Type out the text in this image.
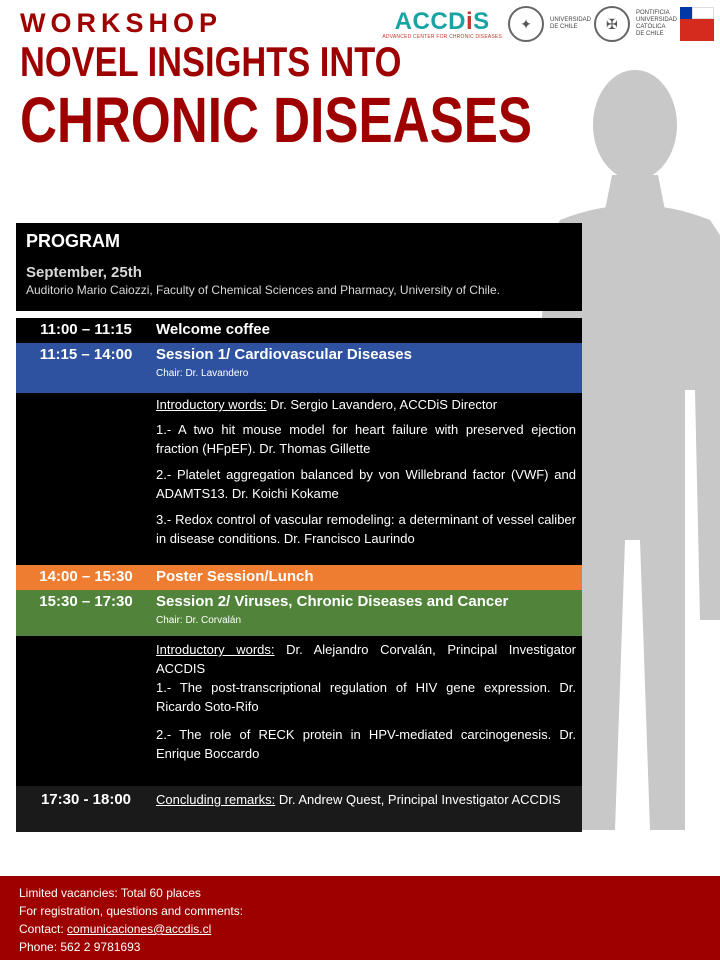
WORKSHOP
NOVEL INSIGHTS INTO
CHRONIC DISEASES
ACCDiS
ADVANCED CENTER FOR CHRONIC DISEASES
✦	UNIVERSIDAD DE CHILE	✠
PONTIFICIA UNIVERSIDAD CATÓLICA DE CHILE
PROGRAM
September, 25th
Auditorio Mario Caiozzi, Faculty of Chemical Sciences and Pharmacy, University of Chile.
11:00 – 11:15	Welcome coffee
11:15 – 14:00	Session 1/ Cardiovascular Diseases
Chair: Dr. Lavandero

Introductory words: Dr. Sergio Lavandero, ACCDiS Director

1.- A two hit mouse model for heart failure with preserved ejection fraction (HFpEF). Dr. Thomas Gillette

2.- Platelet aggregation balanced by von Willebrand factor (VWF) and ADAMTS13. Dr. Koichi Kokame

3.- Redox control of vascular remodeling: a determinant of vessel caliber in disease conditions. Dr. Francisco Laurindo

14:00 – 15:30	Poster Session/Lunch
15:30 – 17:30	Session 2/ Viruses, Chronic Diseases and Cancer
Chair: Dr. Corvalán

Introductory words: Dr. Alejandro Corvalán, Principal Investigator ACCDIS

1.- The post-transcriptional regulation of HIV gene expression. Dr. Ricardo Soto-Rifo

2.- The role of RECK protein in HPV-mediated carcinogenesis. Dr. Enrique Boccardo

17:30 - 18:00	Concluding remarks: Dr. Andrew Quest, Principal Investigator ACCDIS

Limited vacancies: Total 60 places
For registration, questions and comments:
Contact: comunicaciones@accdis.cl
Phone: 562 2 9781693
